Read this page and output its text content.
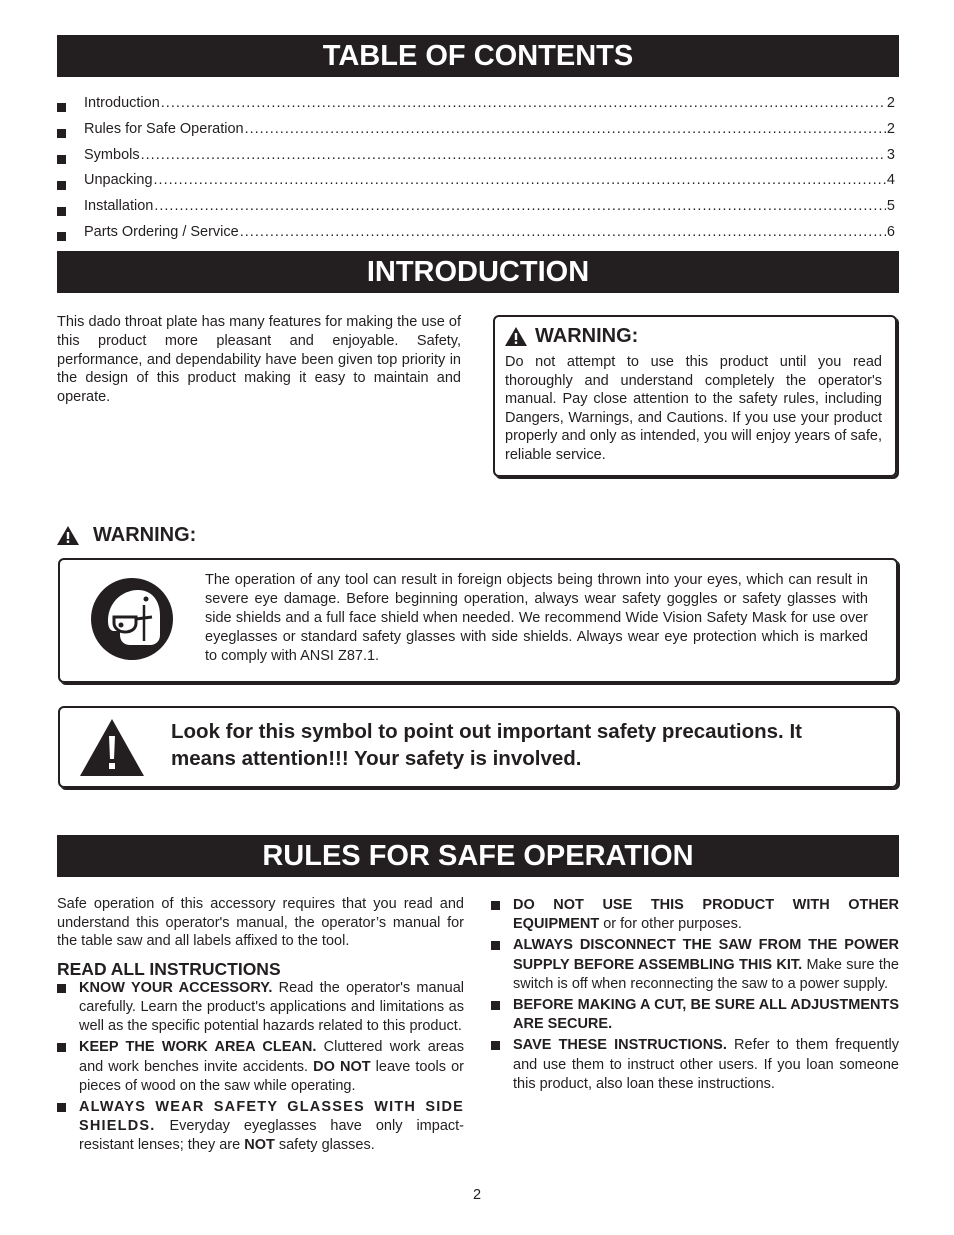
TABLE OF CONTENTS
Introduction .....	2
Rules for Safe Operation .....	2
Symbols .....	3
Unpacking .....	4
Installation .....	5
Parts Ordering / Service .....	6
INTRODUCTION
This dado throat plate has many features for making the use of this product more pleasant and enjoyable. Safety, performance, and dependability have been given top priority in the design of this product making it easy to maintain and operate.
WARNING:
Do not attempt to use this product until you read thoroughly and understand completely the operator's manual. Pay close attention to the safety rules, including Dangers, Warnings, and Cautions. If you use your product properly and only as intended, you will enjoy years of safe, reliable service.
WARNING:
The operation of any tool can result in foreign objects being thrown into your eyes, which can result in severe eye damage. Before beginning operation, always wear safety goggles or safety glasses with side shields and a full face shield when needed. We recommend Wide Vision Safety Mask for use over eyeglasses or standard safety glasses with side shields. Always wear eye protection which is marked to comply with ANSI Z87.1.
Look for this symbol to point out important safety precautions. It means attention!!! Your safety is involved.
RULES FOR SAFE OPERATION
Safe operation of this accessory requires that you read and understand this operator's manual, the operator’s manual for the table saw and all labels affixed to the tool.
READ ALL INSTRUCTIONS
KNOW YOUR ACCESSORY. Read the operator's manual carefully. Learn the product's applications and limitations as well as the specific potential hazards related to this product.
KEEP THE WORK AREA CLEAN. Cluttered work areas and work benches invite accidents. DO NOT leave tools or pieces of wood on the saw while operating.
ALWAYS WEAR SAFETY GLASSES WITH SIDE SHIELDS. Everyday eyeglasses have only impact-resistant lenses; they are NOT safety glasses.
DO NOT USE THIS PRODUCT WITH OTHER EQUIPMENT or for other purposes.
ALWAYS DISCONNECT THE SAW FROM THE POWER SUPPLY BEFORE ASSEMBLING THIS KIT. Make sure the switch is off when reconnecting the saw to a power supply.
BEFORE MAKING A CUT, BE SURE ALL ADJUSTMENTS ARE SECURE.
SAVE THESE INSTRUCTIONS. Refer to them frequently and use them to instruct other users. If you loan someone this product, also loan these instructions.
2
